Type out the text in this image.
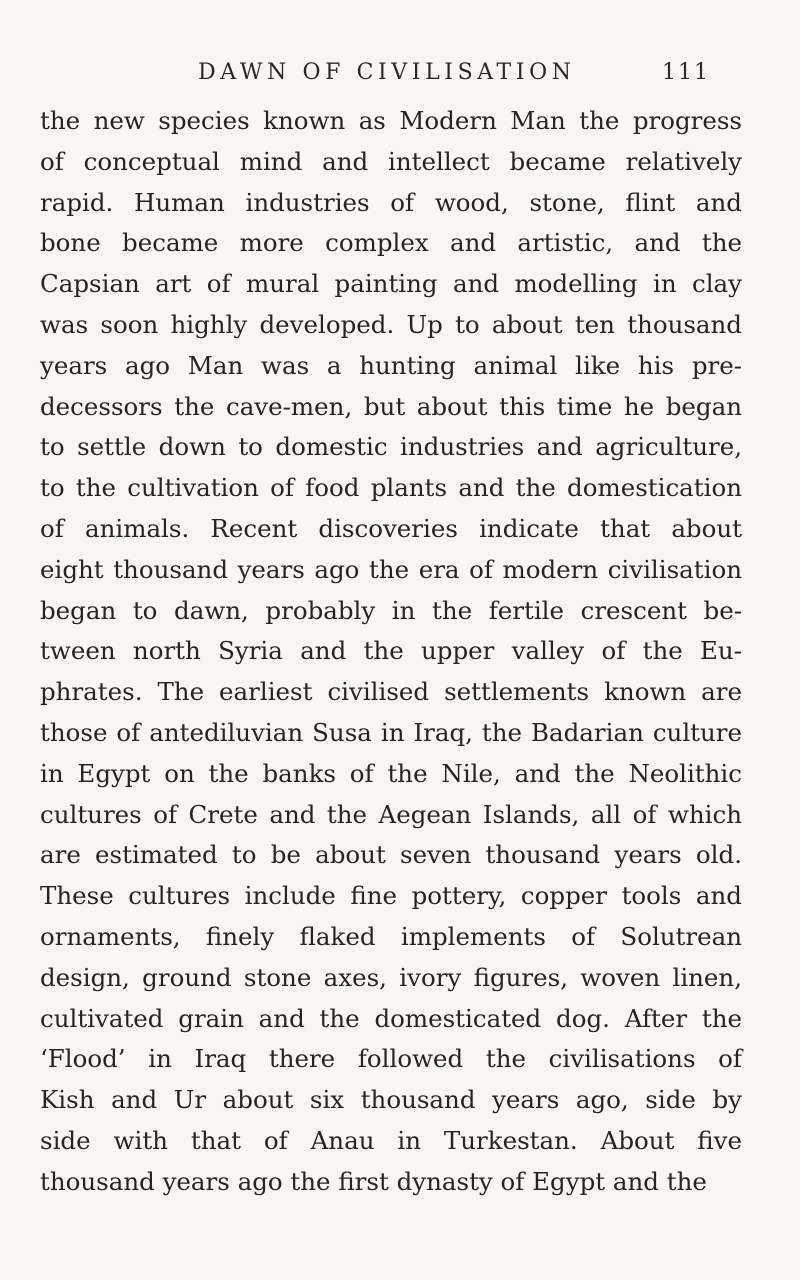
DAWN OF CIVILISATION	111
the new species known as Modern Man the progress
of conceptual mind and intellect became relatively
rapid. Human industries of wood, stone, flint and
bone became more complex and artistic, and the
Capsian art of mural painting and modelling in clay
was soon highly developed. Up to about ten thousand
years ago Man was a hunting animal like his pre-
decessors the cave-men, but about this time he began
to settle down to domestic industries and agriculture,
to the cultivation of food plants and the domestication
of animals. Recent discoveries indicate that about
eight thousand years ago the era of modern civilisation
began to dawn, probably in the fertile crescent be-
tween north Syria and the upper valley of the Eu-
phrates. The earliest civilised settlements known are
those of antediluvian Susa in Iraq, the Badarian culture
in Egypt on the banks of the Nile, and the Neolithic
cultures of Crete and the Aegean Islands, all of which
are estimated to be about seven thousand years old.
These cultures include fine pottery, copper tools and
ornaments, finely flaked implements of Solutrean
design, ground stone axes, ivory figures, woven linen,
cultivated grain and the domesticated dog. After the
‘Flood’ in Iraq there followed the civilisations of
Kish and Ur about six thousand years ago, side by
side with that of Anau in Turkestan. About five
thousand years ago the first dynasty of Egypt and the
